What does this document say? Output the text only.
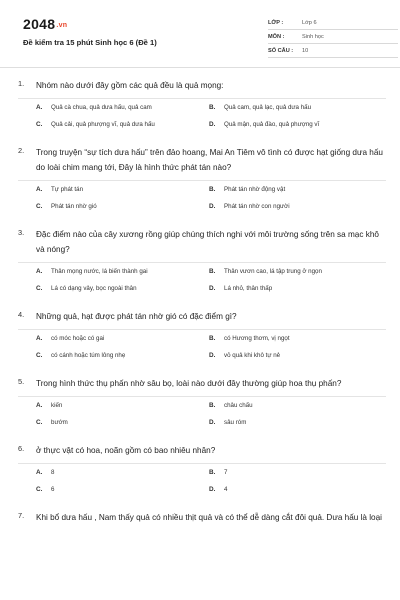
2048.vn
Đề kiểm tra 15 phút Sinh học 6 (Đề 1)
LỚP :	Lớp 6
MÔN :	Sinh học
SỐ CÂU :	10
1.	Nhóm nào dưới đây gồm các quả đều là quả mọng:
A.	Quả cà chua, quả dưa hấu, quả cam	B.	Quả cam, quả lạc, quả dưa hấu
C.	Quả cải, quả phượng vĩ, quả dưa hấu	D.	Quả mận, quả đào, quả phượng vĩ
2.	Trong truyện “sự tích dưa hấu” trên đảo hoang, Mai An Tiêm vô tình có được hạt giống dưa hấu do loài chim mang tới, Đây là hình thức phát tán nào?
A.	Tự phát tán	B.	Phát tán nhờ động vật
C.	Phát tán nhờ gió	D.	Phát tán nhờ con người
3.	Đặc điểm nào của cây xương rồng giúp chúng thích nghi với môi trường sống trên sa mạc khô và nóng?
A.	Thân mọng nước, lá biến thành gai	B.	Thân vươn cao, lá tập trung ở ngọn
C.	Lá có dạng vảy, bọc ngoài thân	D.	Lá nhỏ, thân thấp
4.	Những quả, hạt được phát tán nhờ gió có đặc điểm gì?
A.	có móc hoặc có gai	B.	có Hương thơm, vị ngọt
C.	có cánh hoặc túm lông nhẹ	D.	vỏ quả khi khô tự nẻ
5.	Trong hình thức thụ phấn nhờ sâu bọ, loài nào dưới đây thường giúp hoa thụ phấn?
A.	kiến	B.	châu chấu
C.	bướm	D.	sâu róm
6.	ở thực vật có hoa, noãn gồm có bao nhiêu nhân?
A.	8	B.	7
C.	6	D.	4
7.	Khi bổ dưa hấu , Nam thấy quả có nhiều thịt quả và có thể dễ dàng cắt đôi quả. Dưa hấu là loại
